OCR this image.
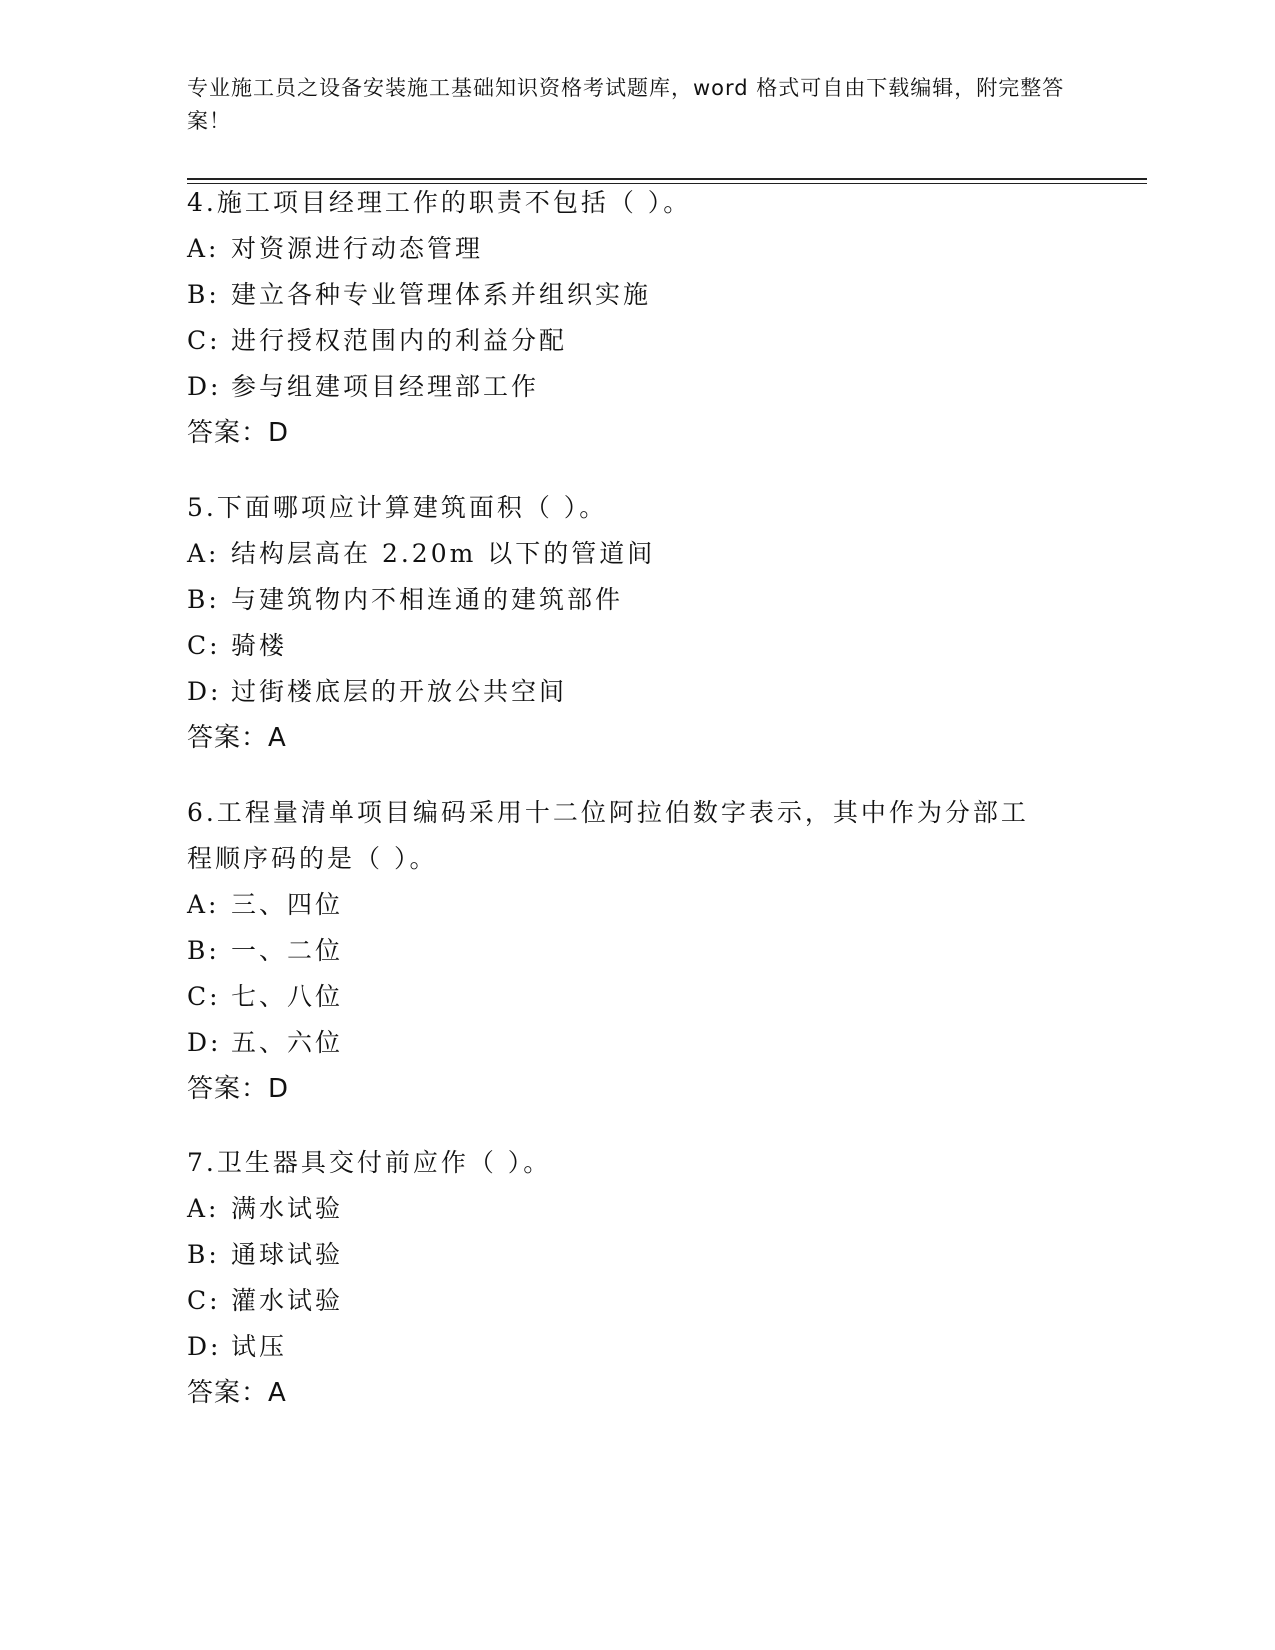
专业施工员之设备安装施工基础知识资格考试题库，word 格式可自由下载编辑，附完整答案！

4.施工项目经理工作的职责不包括（ ）。

A: 对资源进行动态管理

B: 建立各种专业管理体系并组织实施

C: 进行授权范围内的利益分配

D: 参与组建项目经理部工作

答案：D

5.下面哪项应计算建筑面积（ ）。

A: 结构层高在 2.20m 以下的管道间

B: 与建筑物内不相连通的建筑部件

C: 骑楼

D: 过街楼底层的开放公共空间

答案：A

6.工程量清单项目编码采用十二位阿拉伯数字表示，其中作为分部工程顺序码的是（ ）。

A: 三、四位

B: 一、二位

C: 七、八位

D: 五、六位

答案：D

7.卫生器具交付前应作（ ）。

A: 满水试验

B: 通球试验

C: 灌水试验

D: 试压

答案：A
